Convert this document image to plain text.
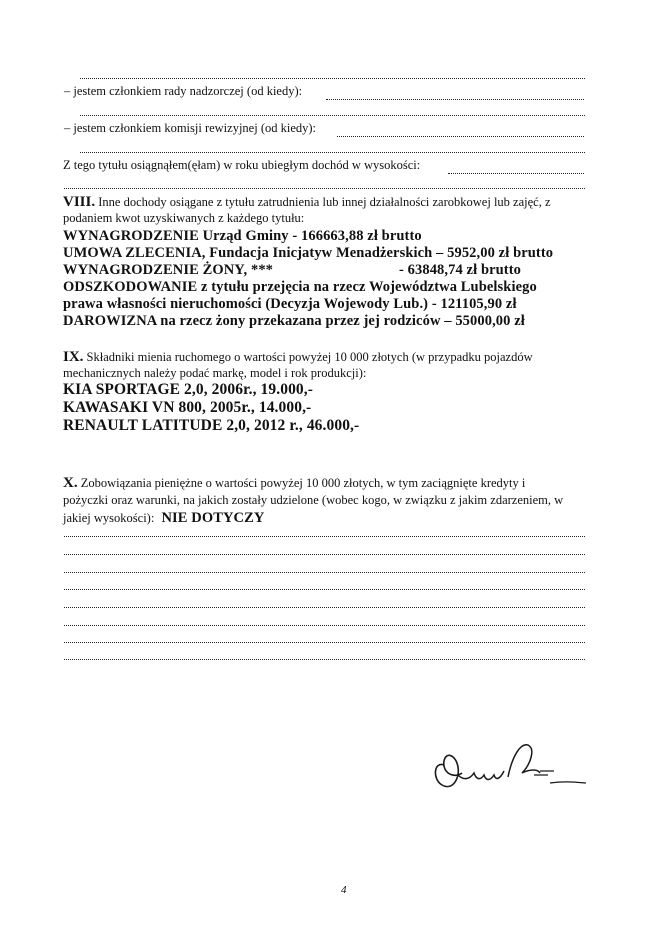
– jestem członkiem rady nadzorczej (od kiedy):
– jestem członkiem komisji rewizyjnej (od kiedy):
Z tego tytułu osiągnąłem(ęłam) w roku ubiegłym dochód w wysokości:
VIII. Inne dochody osiągane z tytułu zatrudnienia lub innej działalności zarobkowej lub zajęć, z
podaniem kwot uzyskiwanych z każdego tytułu:
WYNAGRODZENIE Urząd Gminy - 166663,88 zł brutto
UMOWA ZLECENIA, Fundacja Inicjatyw Menadżerskich – 5952,00 zł brutto
WYNAGRODZENIE ŻONY, ***	- 63848,74 zł brutto
ODSZKODOWANIE z tytułu przejęcia na rzecz Województwa Lubelskiego
prawa własności nieruchomości (Decyzja Wojewody Lub.) - 121105,90 zł
DAROWIZNA na rzecz żony przekazana przez jej rodziców – 55000,00 zł
IX. Składniki mienia ruchomego o wartości powyżej 10 000 złotych (w przypadku pojazdów
mechanicznych należy podać markę, model i rok produkcji):
KIA SPORTAGE 2,0, 2006r., 19.000,-
KAWASAKI VN 800, 2005r., 14.000,-
RENAULT LATITUDE 2,0, 2012 r., 46.000,-
X. Zobowiązania pieniężne o wartości powyżej 10 000 złotych, w tym zaciągnięte kredyty i
pożyczki oraz warunki, na jakich zostały udzielone (wobec kogo, w związku z jakim zdarzeniem, w
jakiej wysokości): NIE DOTYCZY
4
